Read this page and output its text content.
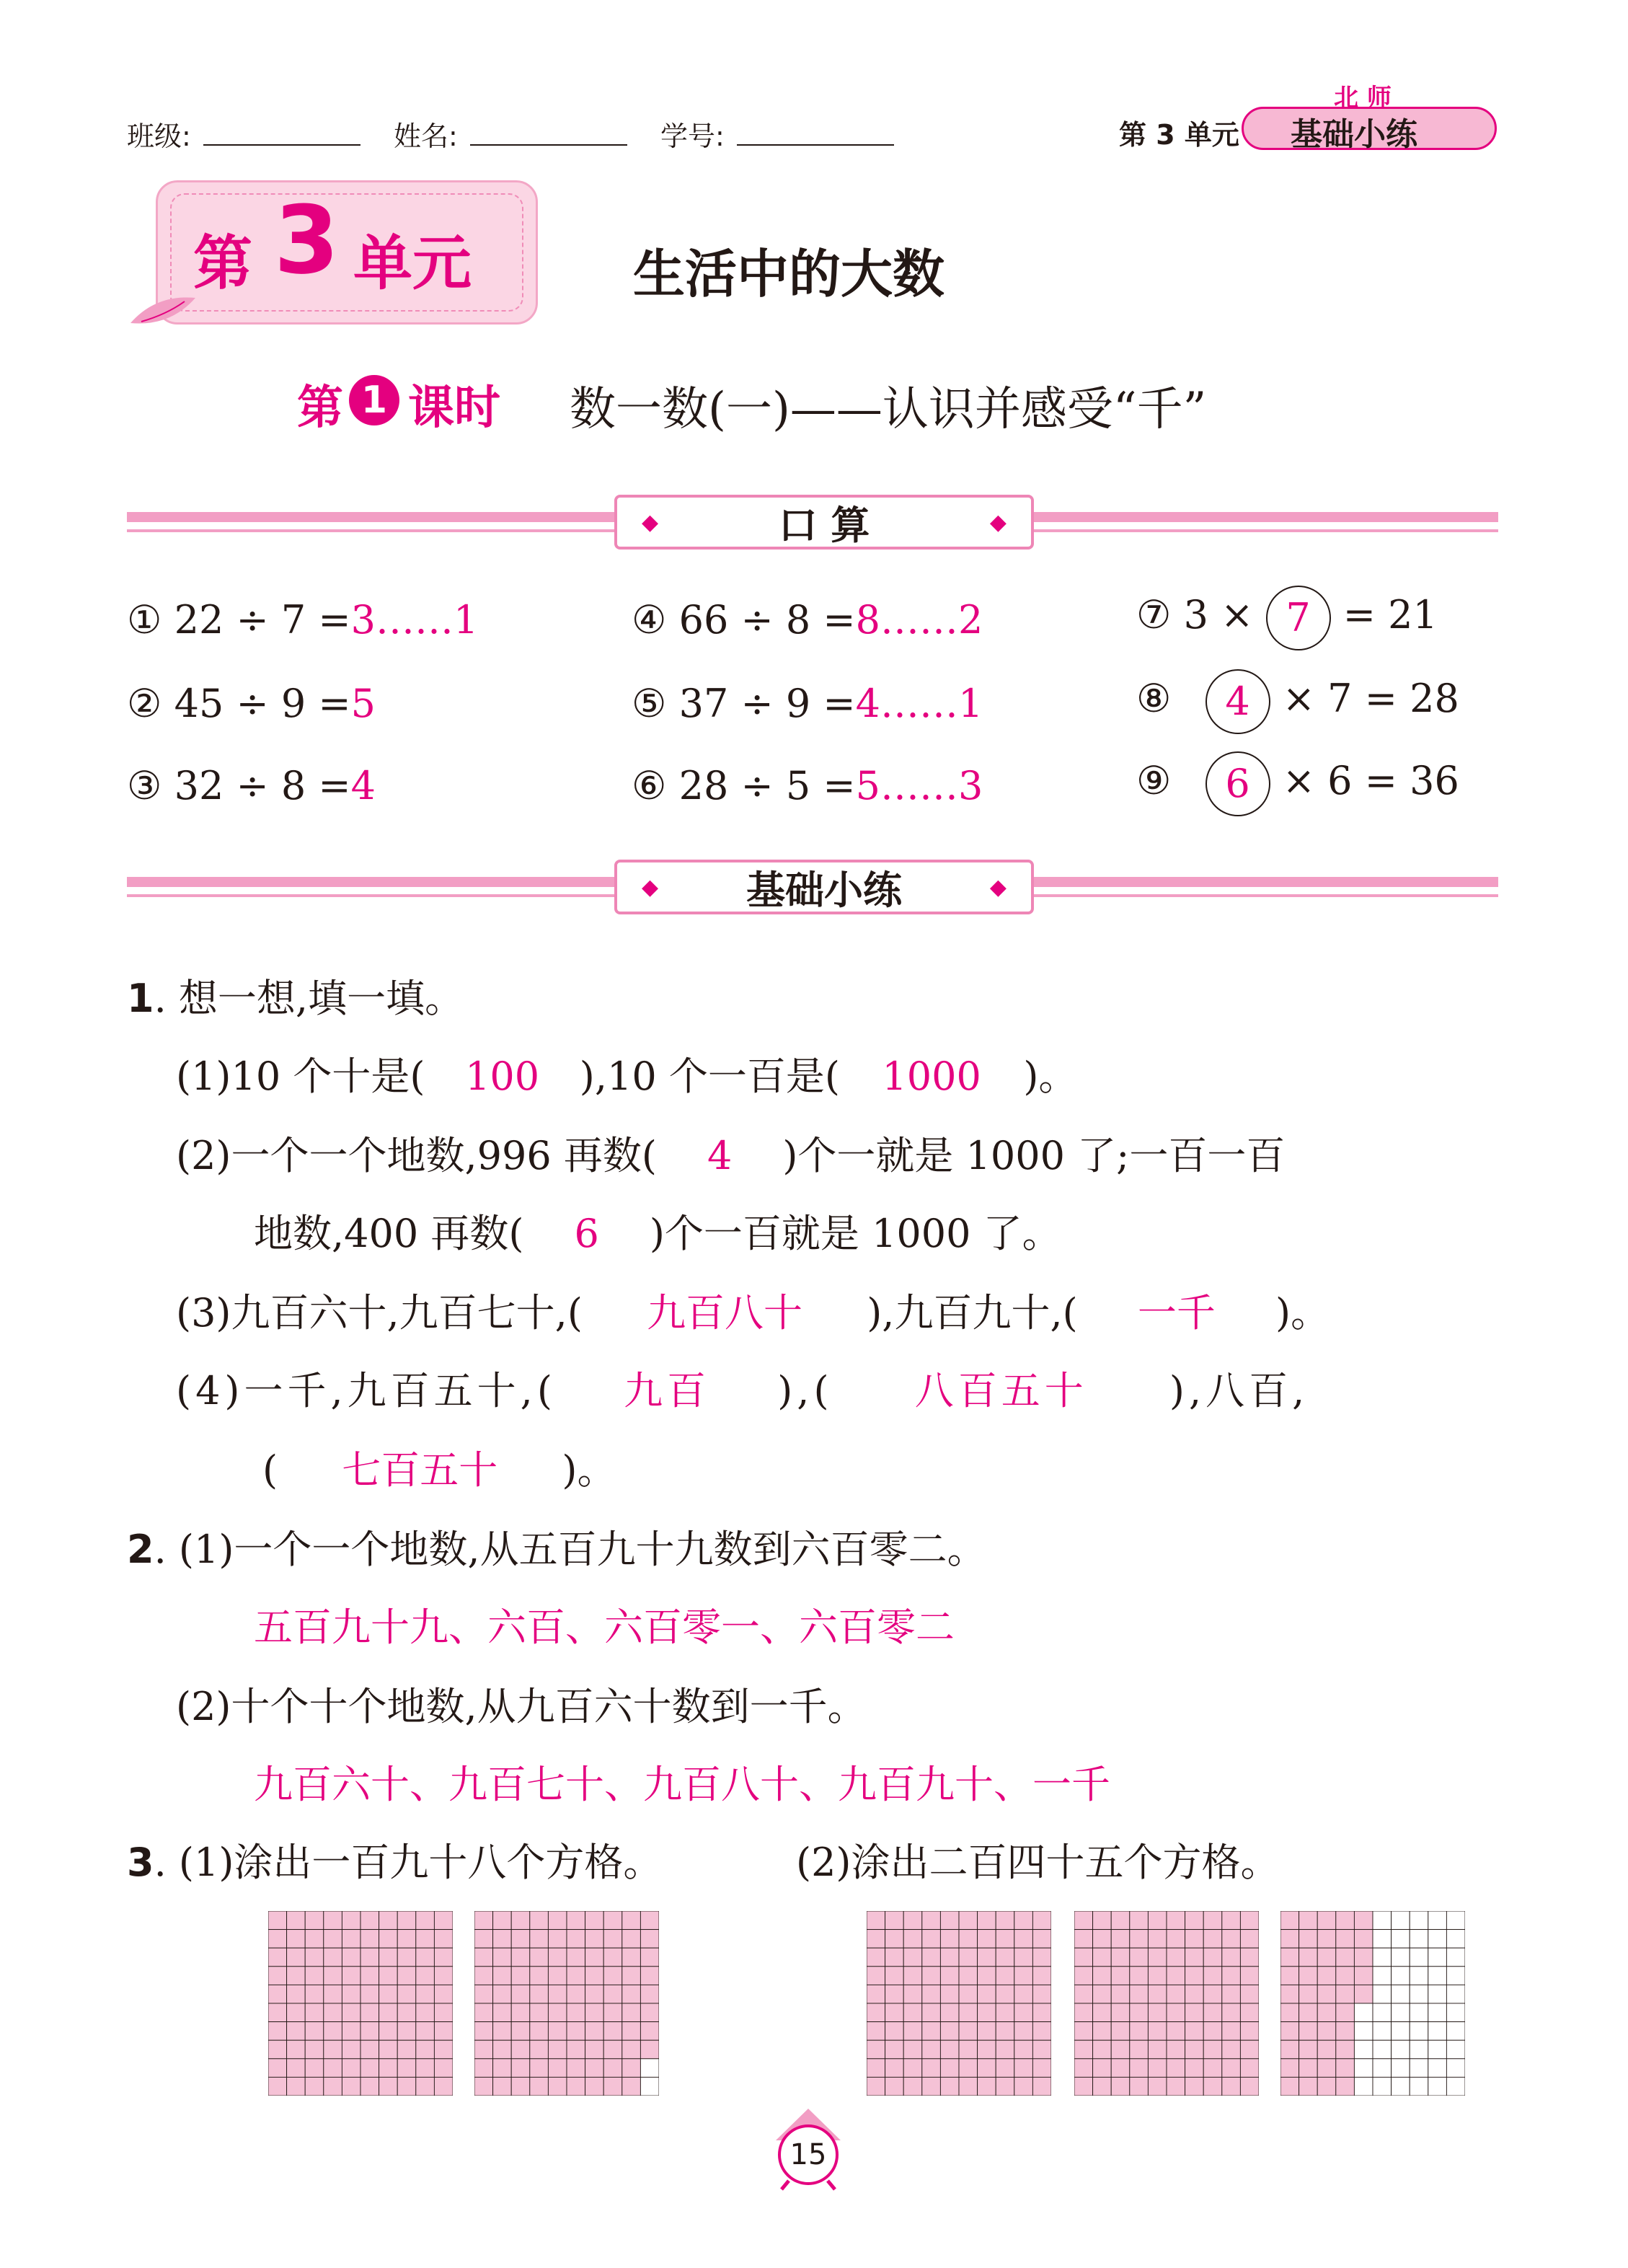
班级:	姓名:	学号:	第 3 单元
北 师
基础小练
第 3 单元	生活中的大数
第 1 课时 数一数(一)——认识并感受“千”
◆	口 算	◆
① 22 ÷ 7 =3……1
② 45 ÷ 9 =5
③ 32 ÷ 8 =4
④ 66 ÷ 8 =8……2
⑤ 37 ÷ 9 =4……1
⑥ 28 ÷ 5 =5……3
⑦ 3 × 7 = 21
⑧ 4 × 7 = 28
⑨ 6 × 6 = 36
◆ 基础小练	◆
1. 想一想,填一填。
(1)10 个十是( 100 ),10 个一百是( 1000 )。
(2)一个一个地数,996 再数( 4 )个一就是 1000 了;一百一百
地数,400 再数( 6 )个一百就是 1000 了。
(3)九百六十,九百七十,( 九百八十 ),九百九十,( 一千 )。
(4)一千,九百五十,( 九百 ),( 八百五十 ),八百,
( 七百五十 )。
2. (1)一个一个地数,从五百九十九数到六百零二。
五百九十九、六百、六百零一、六百零二
(2)十个十个地数,从九百六十数到一千。
九百六十、九百七十、九百八十、九百九十、一千
3. (1)涂出一百九十八个方格。	(2)涂出二百四十五个方格。
15
